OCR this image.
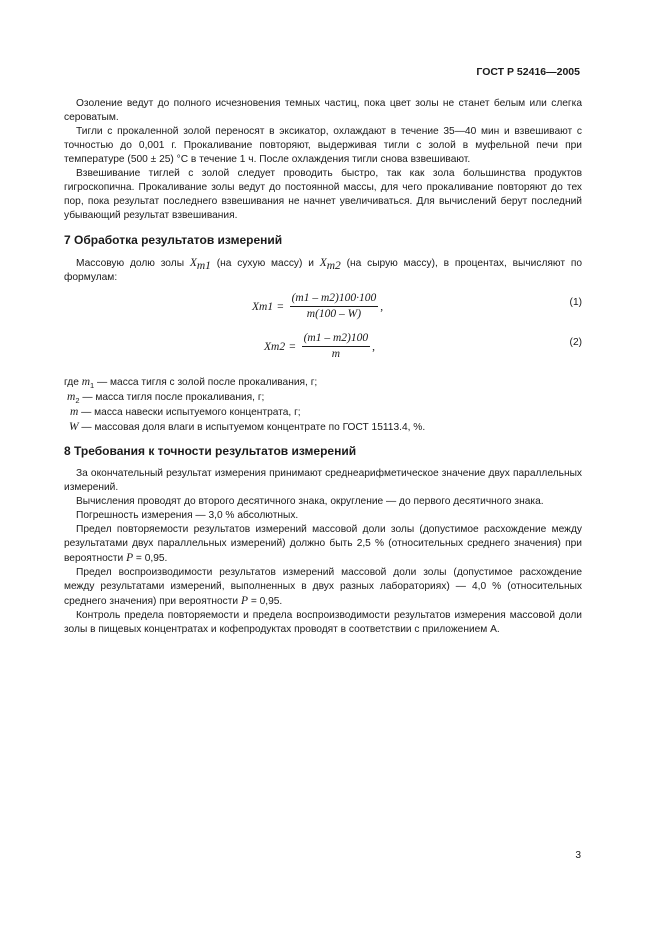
ГОСТ Р 52416—2005

Озоление ведут до полного исчезновения темных частиц, пока цвет золы не станет белым или слегка сероватым.

Тигли с прокаленной золой переносят в эксикатор, охлаждают в течение 35—40 мин и взвешивают с точностью до 0,001 г. Прокаливание повторяют, выдерживая тигли с золой в муфельной печи при температуре (500 ± 25) °С в течение 1 ч. После охлаждения тигли снова взвешивают.

Взвешивание тиглей с золой следует проводить быстро, так как зола большинства продуктов гигроскопична. Прокаливание золы ведут до постоянной массы, для чего прокаливание повторяют до тех пор, пока результат последнего взвешивания не начнет увеличиваться. Для вычислений берут последний убывающий результат взвешивания.

7 Обработка результатов измерений

Массовую долю золы $X_{m1}$ (на сухую массу) и $X_{m2}$ (на сырую массу), в процентах, вычисляют по формулам:

X $m1 = \frac{(m1 - m2)100\cdot 100}{m(100 - W)}$ ,	(1)
X $m2 = \frac{(m1 - m2)100}{m}$ ,	(2)
где $m_1$ — масса тигля с золой после прокаливания, г;
$m_2$ — масса тигля после прокаливания, г;
m — масса навески испытуемого концентрата, г;
W — массовая доля влаги в испытуемом концентрате по ГОСТ 15113.4, %.
8 Требования к точности результатов измерений

За окончательный результат измерения принимают среднеарифметическое значение двух параллельных измерений.

Вычисления проводят до второго десятичного знака, округление — до первого десятичного знака.

Погрешность измерения — 3,0 % абсолютных.

Предел повторяемости результатов измерений массовой доли золы (допустимое расхождение между результатами двух параллельных измерений) должно быть 2,5 % (относительных среднего значения) при вероятности P = 0,95.

Предел воспроизводимости результатов измерений массовой доли золы (допустимое расхождение между результатами измерений, выполненных в двух разных лабораториях) — 4,0 % (относительных среднего значения) при вероятности P = 0,95.

Контроль предела повторяемости и предела воспроизводимости результатов измерения массовой доли золы в пищевых концентратах и кофепродуктах проводят в соответствии с приложением А.

3
